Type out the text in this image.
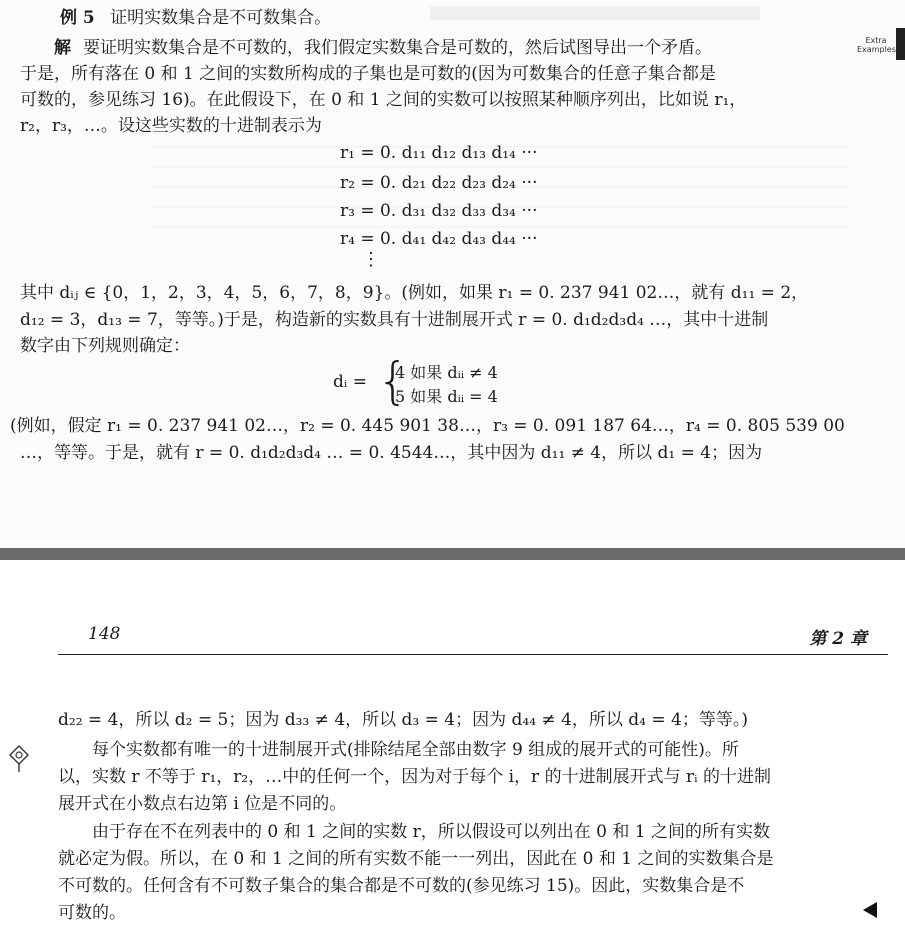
例 5 证明实数集合是不可数集合。
Extra Examples
解 要证明实数集合是不可数的，我们假定实数集合是可数的，然后试图导出一个矛盾。
于是，所有落在 0 和 1 之间的实数所构成的子集也是可数的(因为可数集合的任意子集合都是
可数的，参见练习 16)。在此假设下，在 0 和 1 之间的实数可以按照某种顺序列出，比如说 r₁，
r₂，r₃，…。设这些实数的十进制表示为
r₁ = 0. d₁₁ d₁₂ d₁₃ d₁₄ ···
r₂ = 0. d₂₁ d₂₂ d₂₃ d₂₄ ···
r₃ = 0. d₃₁ d₃₂ d₃₃ d₃₄ ···
r₄ = 0. d₄₁ d₄₂ d₄₃ d₄₄ ···
⋮
其中 dᵢⱼ ∈ {0，1，2，3，4，5，6，7，8，9}。(例如，如果 r₁ = 0. 237 941 02…，就有 d₁₁ = 2，
d₁₂ = 3，d₁₃ = 7，等等。)于是，构造新的实数具有十进制展开式 r = 0. d₁d₂d₃d₄ …，其中十进制
数字由下列规则确定：
dᵢ = {
4 如果 dᵢᵢ ≠ 4
5 如果 dᵢᵢ = 4
(例如，假定 r₁ = 0. 237 941 02…，r₂ = 0. 445 901 38…，r₃ = 0. 091 187 64…，r₄ = 0. 805 539 00
…，等等。于是，就有 r = 0. d₁d₂d₃d₄ … = 0. 4544…，其中因为 d₁₁ ≠ 4，所以 d₁ = 4；因为
148	第 2 章
d₂₂ = 4，所以 d₂ = 5；因为 d₃₃ ≠ 4，所以 d₃ = 4；因为 d₄₄ ≠ 4，所以 d₄ = 4；等等。)
每个实数都有唯一的十进制展开式(排除结尾全部由数字 9 组成的展开式的可能性)。所
以，实数 r 不等于 r₁，r₂，…中的任何一个，因为对于每个 i，r 的十进制展开式与 rᵢ 的十进制
展开式在小数点右边第 i 位是不同的。
由于存在不在列表中的 0 和 1 之间的实数 r，所以假设可以列出在 0 和 1 之间的所有实数
就必定为假。所以，在 0 和 1 之间的所有实数不能一一列出，因此在 0 和 1 之间的实数集合是
不可数的。任何含有不可数子集合的集合都是不可数的(参见练习 15)。因此，实数集合是不
可数的。
